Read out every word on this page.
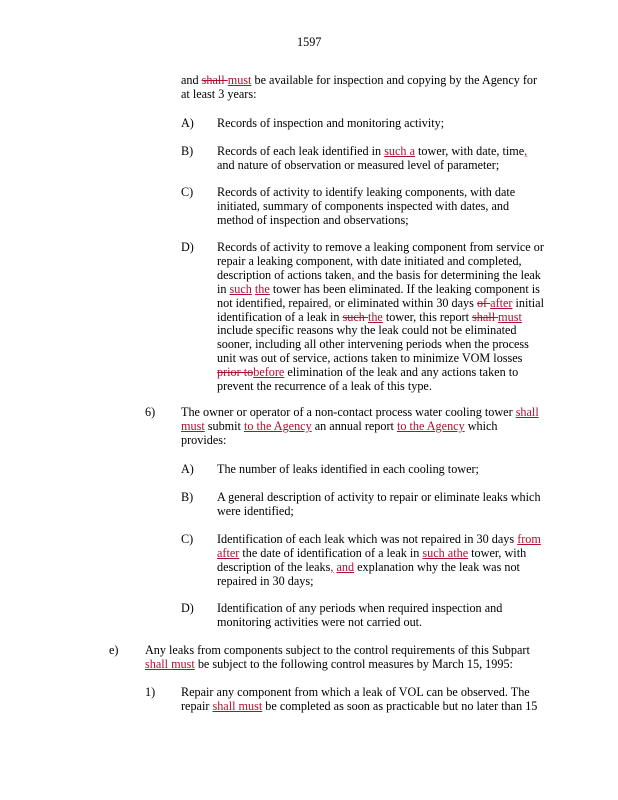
1597
and shall must be available for inspection and copying by the Agency for at least 3 years:
A) Records of inspection and monitoring activity;
B) Records of each leak identified in such a tower, with date, time, and nature of observation or measured level of parameter;
C) Records of activity to identify leaking components, with date initiated, summary of components inspected with dates, and method of inspection and observations;
D) Records of activity to remove a leaking component from service or repair a leaking component, with date initiated and completed, description of actions taken, and the basis for determining the leak in such the tower has been eliminated. If the leaking component is not identified, repaired, or eliminated within 30 days of after initial identification of a leak in such the tower, this report shall must include specific reasons why the leak could not be eliminated sooner, including all other intervening periods when the process unit was out of service, actions taken to minimize VOM losses prior tobefore elimination of the leak and any actions taken to prevent the recurrence of a leak of this type.
6) The owner or operator of a non-contact process water cooling tower shall must submit to the Agency an annual report to the Agency which provides:
A) The number of leaks identified in each cooling tower;
B) A general description of activity to repair or eliminate leaks which were identified;
C) Identification of each leak which was not repaired in 30 days from after the date of identification of a leak in such athe tower, with description of the leaks, and explanation why the leak was not repaired in 30 days;
D) Identification of any periods when required inspection and monitoring activities were not carried out.
e) Any leaks from components subject to the control requirements of this Subpart shall must be subject to the following control measures by March 15, 1995:
1) Repair any component from which a leak of VOL can be observed. The repair shall must be completed as soon as practicable but no later than 15
